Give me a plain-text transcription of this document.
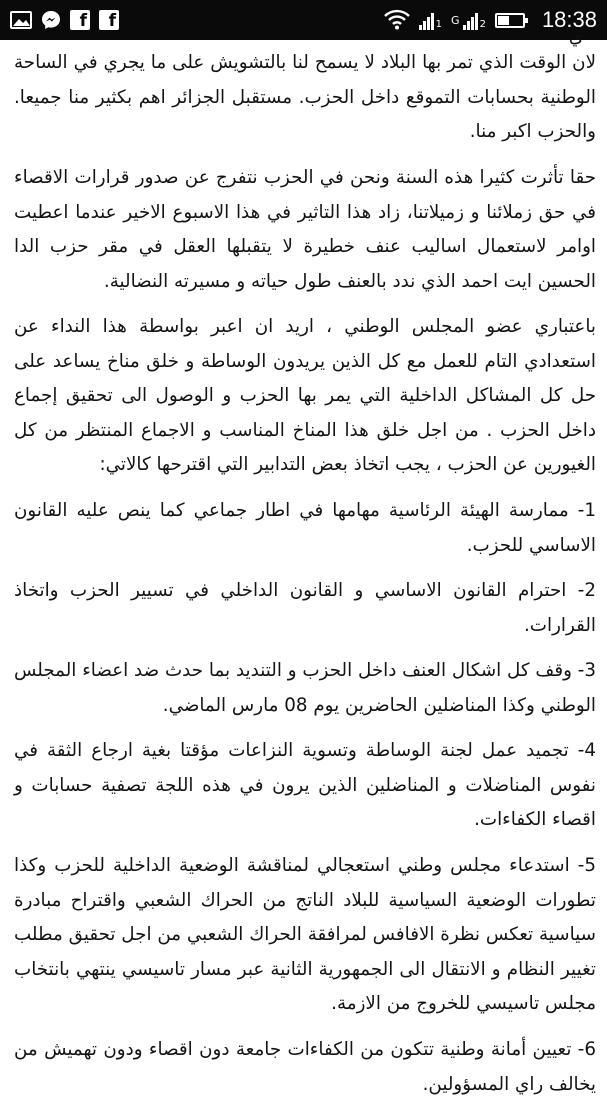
f	f	1 G 2	18:38
ي

لان الوقت الذي تمر بها البلاد لا يسمح لنا بالتشويش على ما يجري في الساحة الوطنية بحسابات التموقع داخل الحزب. مستقبل الجزائر اهم بكثير منا جميعا. والحزب اكبر منا.

حقا تأثرت كثيرا هذه السنة ونحن في الحزب نتفرج عن صدور قرارات الاقصاء في حق زملائنا و زميلاتنا، زاد هذا التاثير في هذا الاسبوع الاخير عندما اعطيت اوامر لاستعمال اساليب عنف خطيرة لا يتقبلها العقل في مقر حزب الدا الحسين ايت احمد الذي ندد بالعنف طول حياته و مسيرته النضالية.

باعتباري عضو المجلس الوطني ، اريد ان اعبر بواسطة هذا النداء عن استعدادي التام للعمل مع كل الذين يريدون الوساطة و خلق مناخ يساعد على حل كل المشاكل الداخلية التي يمر بها الحزب و الوصول الى تحقيق إجماع داخل الحزب . من اجل خلق هذا المناخ المناسب و الاجماع المنتظر من كل الغيورين عن الحزب ، يجب اتخاذ بعض التدابير التي اقترحها كالاتي:

1- ممارسة الهيئة الرئاسية مهامها في اطار جماعي كما ينص عليه القانون الاساسي للحزب.

2- احترام القانون الاساسي و القانون الداخلي في تسيير الحزب واتخاذ القرارات.

3- وقف كل اشكال العنف داخل الحزب و التنديد بما حدث ضد اعضاء المجلس الوطني وكذا المناضلين الحاضرين يوم 08 مارس الماضي.

4- تجميد عمل لجنة الوساطة وتسوية النزاعات مؤقتا بغية ارجاع الثقة في نفوس المناضلات و المناضلين الذين يرون في هذه اللجة تصفية حسابات و اقصاء الكفاءات.

5- استدعاء مجلس وطني استعجالي لمناقشة الوضعية الداخلية للحزب وكذا تطورات الوضعية السياسية للبلاد الناتج من الحراك الشعبي واقتراح مبادرة سياسية تعكس نظرة الافافس لمرافقة الحراك الشعبي من اجل تحقيق مطلب تغيير النظام و الانتقال الى الجمهورية الثانية عبر مسار تاسيسي ينتهي بانتخاب مجلس تاسيسي للخروج من الازمة.

6- تعيين أمانة وطنية تتكون من الكفاءات جامعة دون اقصاء ودون تهميش من يخالف راي المسؤولين.
